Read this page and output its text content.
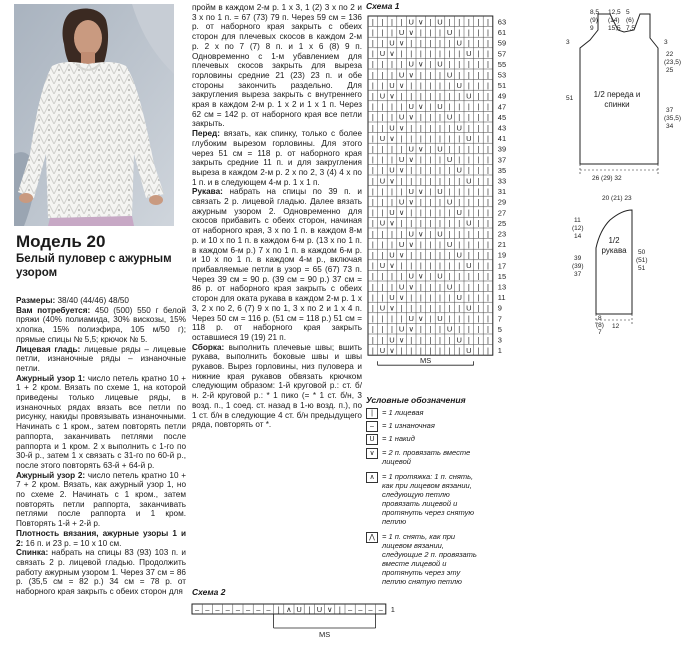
Модель 20
Белый пуловер с ажурным узором

Размеры: 38/40 (44/46) 48/50

Вам потребуется: 450 (500) 550 г белой пряжи (40% полиамида, 30% вискозы, 15% хлопка, 15% полиэфира, 105 м/50 г); прямые спицы № 5,5; крючок № 5.

Лицевая гладь: лицевые ряды – лицевые петли, изнаночные ряды – изнаночные петли.

Ажурный узор 1: число петель кратно 10 + 1 + 2 кром. Вязать по схеме 1, на которой приведены только лицевые ряды, в изнаночных рядах вязать все петли по рисунку, накиды провязывать изнаночными. Начинать с 1 кром., затем повторять петли раппорта, заканчивать петлями после раппорта и 1 кром. 2 х выполнить с 1-го по 30-й р., затем 1 х связать с 31-го по 60-й р., после этого повторять 63-й + 64-й р.

Ажурный узор 2: число петель кратно 10 + 7 + 2 кром. Вязать, как ажурный узор 1, но по схеме 2. Начинать с 1 кром., затем повторять петли раппорта, заканчивать петлями после раппорта и 1 кром. Повторять 1-й + 2-й р.

Плотность вязания, ажурные узоры 1 и 2: 16 п. и 23 р. = 10 х 10 см.

Спинка: набрать на спицы 83 (93) 103 п. и связать 2 р. лицевой гладью. Продолжить работу ажурным узором 1. Через 37 см = 86 р. (35,5 см = 82 р.) 34 см = 78 р. от наборного края закрыть с обеих сторон для

пройм в каждом 2-м р. 1 х 3, 1 (2) 3 х по 2 и 3 х по 1 п. = 67 (73) 79 п. Через 59 см = 136 р. от наборного края закрыть с обеих сторон для плечевых скосов в каждом 2-м р. 2 х по 7 (7) 8 п. и 1 х 6 (8) 9 п. Одновременно с 1-м убавлением для плечевых скосов закрыть для выреза горловины средние 21 (23) 23 п. и обе стороны закончить раздельно. Для закругления выреза закрыть с внутреннего края в каждом 2-м р. 1 х 2 и 1 х 1 п. Через 62 см = 142 р. от наборного края все петли закрыть.

Перед: вязать, как спинку, только с более глубоким вырезом горловины. Для этого через 51 см = 118 р. от наборного края закрыть средние 11 п. и для закругления выреза в каждом 2-м р. 2 х по 2, 3 (4) 4 х по 1 п. и в следующем 4-м р. 1 х 1 п.

Рукава: набрать на спицы по 39 п. и связать 2 р. лицевой гладью. Далее вязать ажурным узором 2. Одновременно для скосов прибавить с обеих сторон, начиная от наборного края, 3 х по 1 п. в каждом 8-м р. и 10 х по 1 п. в каждом 6-м р. (13 х по 1 п. в каждом 6-м р.) 7 х по 1 п. в каждом 6-м р. и 10 х по 1 п. в каждом 4-м р., включая прибавляемые петли в узор = 65 (67) 73 п. Через 39 см = 90 р. (39 см = 90 р.) 37 см = 86 р. от наборного края закрыть с обеих сторон для оката рукава в каждом 2-м р. 1 х 3, 2 х по 2, 6 (7) 9 х по 1, 3 х по 2 и 1 х 4 п. Через 50 см = 116 р. (51 см = 118 р.) 51 см = 118 р. от наборного края закрыть оставшиеся 19 (19) 21 п.

Сборка: выполнить плечевые швы; вшить рукава, выполнить боковые швы и швы рукавов. Вырез горловины, низ пуловера и нижние края рукавов обвязать крючком следующим образом: 1-й круговой р.: ст. б/н. 2-й круговой р.: * 1 пико (= * 1 ст. б/н, 3 возд. п., 1 соед. ст. назад в 1-ю возд. п.), по 1 ст. б/н в следующие 4 ст. б/н предыдущего ряда, повторять от *.

Схема 1
| | | | U ∨ | U | | | | | 63
| | | U ∨ | | | U | | | | 61
| | U ∨ | | | | | U | | | 59
| U ∨ | | | | | | | U | | 57
| | | | U ∨ | U | | | | | 55
| | | U ∨ | | | U | | | | 53
| | U ∨ | | | | | U | | | 51
| U ∨ | | | | | | | U | | 49
| | | | U ∨ | U | | | | | 47
| | | U ∨ | | | U | | | | 45
| | U ∨ | | | | | U | | | 43
| U ∨ | | | | | | | U | | 41
| | | | U ∨ | U | | | | | 39
| | | U ∨ | | | U | | | | 37
| | U ∨ | | | | | U | | | 35
| U ∨ | | | | | | | U | | 33
| | | | U ∨ | U | | | | | 31
| | | U ∨ | | | U | | | | 29
| | U ∨ | | | | | U | | | 27
| U ∨ | | | | | | | U | | 25
| | | | U ∨ | U | | | | | 23
| | | U ∨ | | | U | | | | 21
| | U ∨ | | | | | U | | | 19
| U ∨ | | | | | | | U | | 17
| | | | U ∨ | U | | | | | 15
| | | U ∨ | | | U | | | | 13
| | U ∨ | | | | | U | | | 11
| U ∨ | | | | | | | U | | 9
| | | | U ∨ | U | | | | | 7
| | | U ∨ | | | U | | | | 5
| | U ∨ | | | | | U | | | 3
| U ∨ | | | | | | | U | | 1
MS
Условные обозначения
|	= 1 лицевая
–	= 1 изнаночная
U = 1 накид
∨ = 2 п. провязать вместе лицевой
∧ = 1 протяжка: 1 п. снять, как при лицевом вязании, следующую петлю провязать лицевой и протянуть через снятую петлю
⋀ = 1 п. снять, как при лицевом вязании, следующие 2 п. провязать вместе лицевой и протянуть через эту петлю снятую петлю
Схема 2
– – – – – – – – | ∧ U | U ∨ | – – – – 1
MS
8,5 12,5 5
(9) (14) (6)
9 15,5 7,5
3	3
22
(23,5)
25
51
37
(35,5)
34
26 (29) 32
1/2 переда и спинки
20 (21) 23
11
(12)
14
39
(39)
37
50
(51)
51
8
(8)
7
12
1/2 рукава
